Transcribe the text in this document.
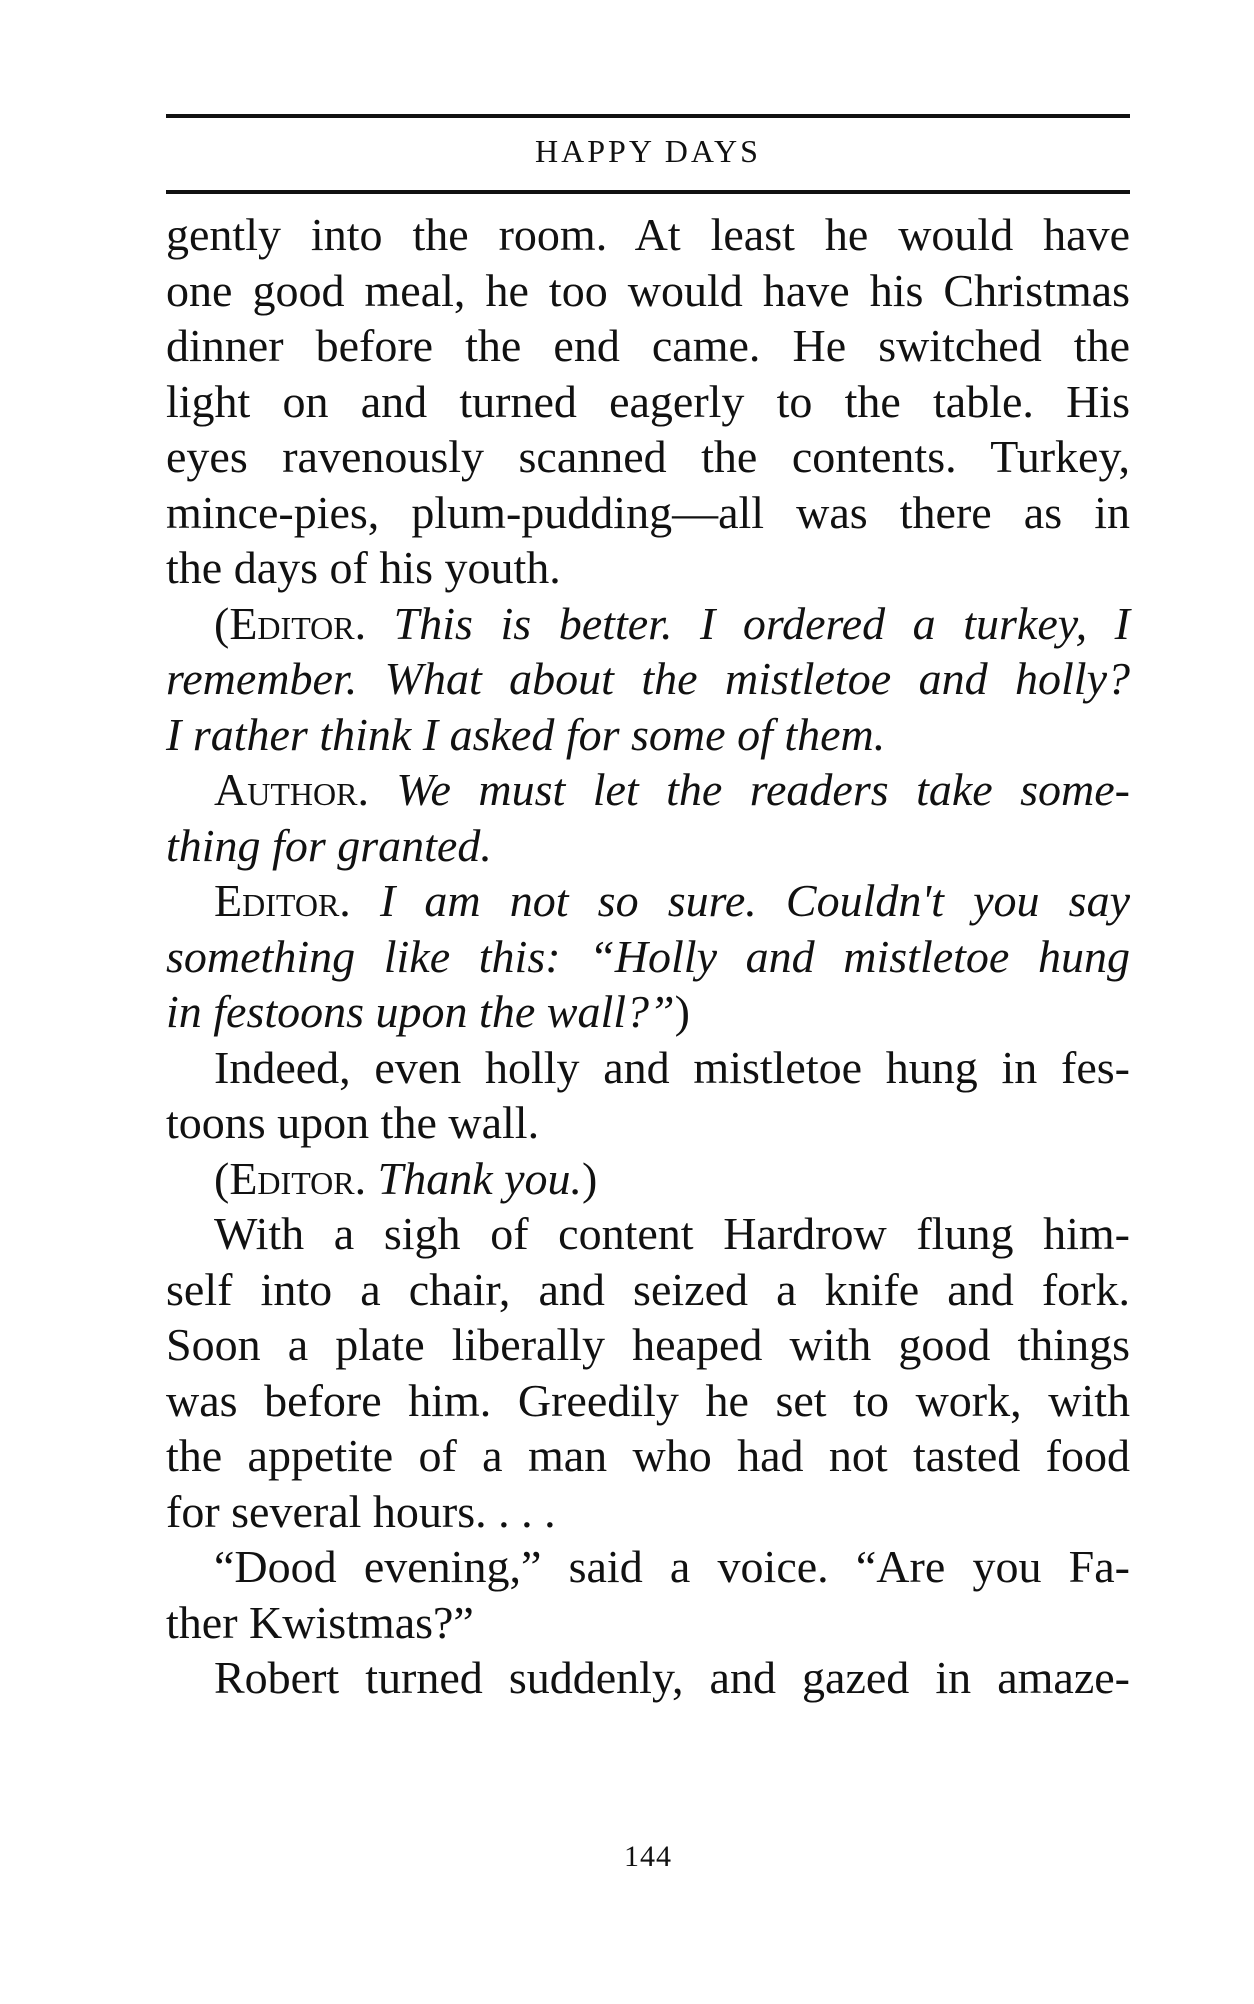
HAPPY DAYS
gently into the room. At least he would have
one good meal, he too would have his Christmas
dinner before the end came. He switched the
light on and turned eagerly to the table. His
eyes ravenously scanned the contents. Turkey,
mince-pies, plum-pudding—all was there as in
the days of his youth.
(Editor. This is better. I ordered a turkey, I
remember. What about the mistletoe and holly?
I rather think I asked for some of them.
Author. We must let the readers take some-
thing for granted.
Editor. I am not so sure. Couldn't you say
something like this: “Holly and mistletoe hung
in festoons upon the wall?”)
Indeed, even holly and mistletoe hung in fes-
toons upon the wall.
(Editor. Thank you.)
With a sigh of content Hardrow flung him-
self into a chair, and seized a knife and fork.
Soon a plate liberally heaped with good things
was before him. Greedily he set to work, with
the appetite of a man who had not tasted food
for several hours. . . .
“Dood evening,” said a voice. “Are you Fa-
ther Kwistmas?”
Robert turned suddenly, and gazed in amaze-
144
